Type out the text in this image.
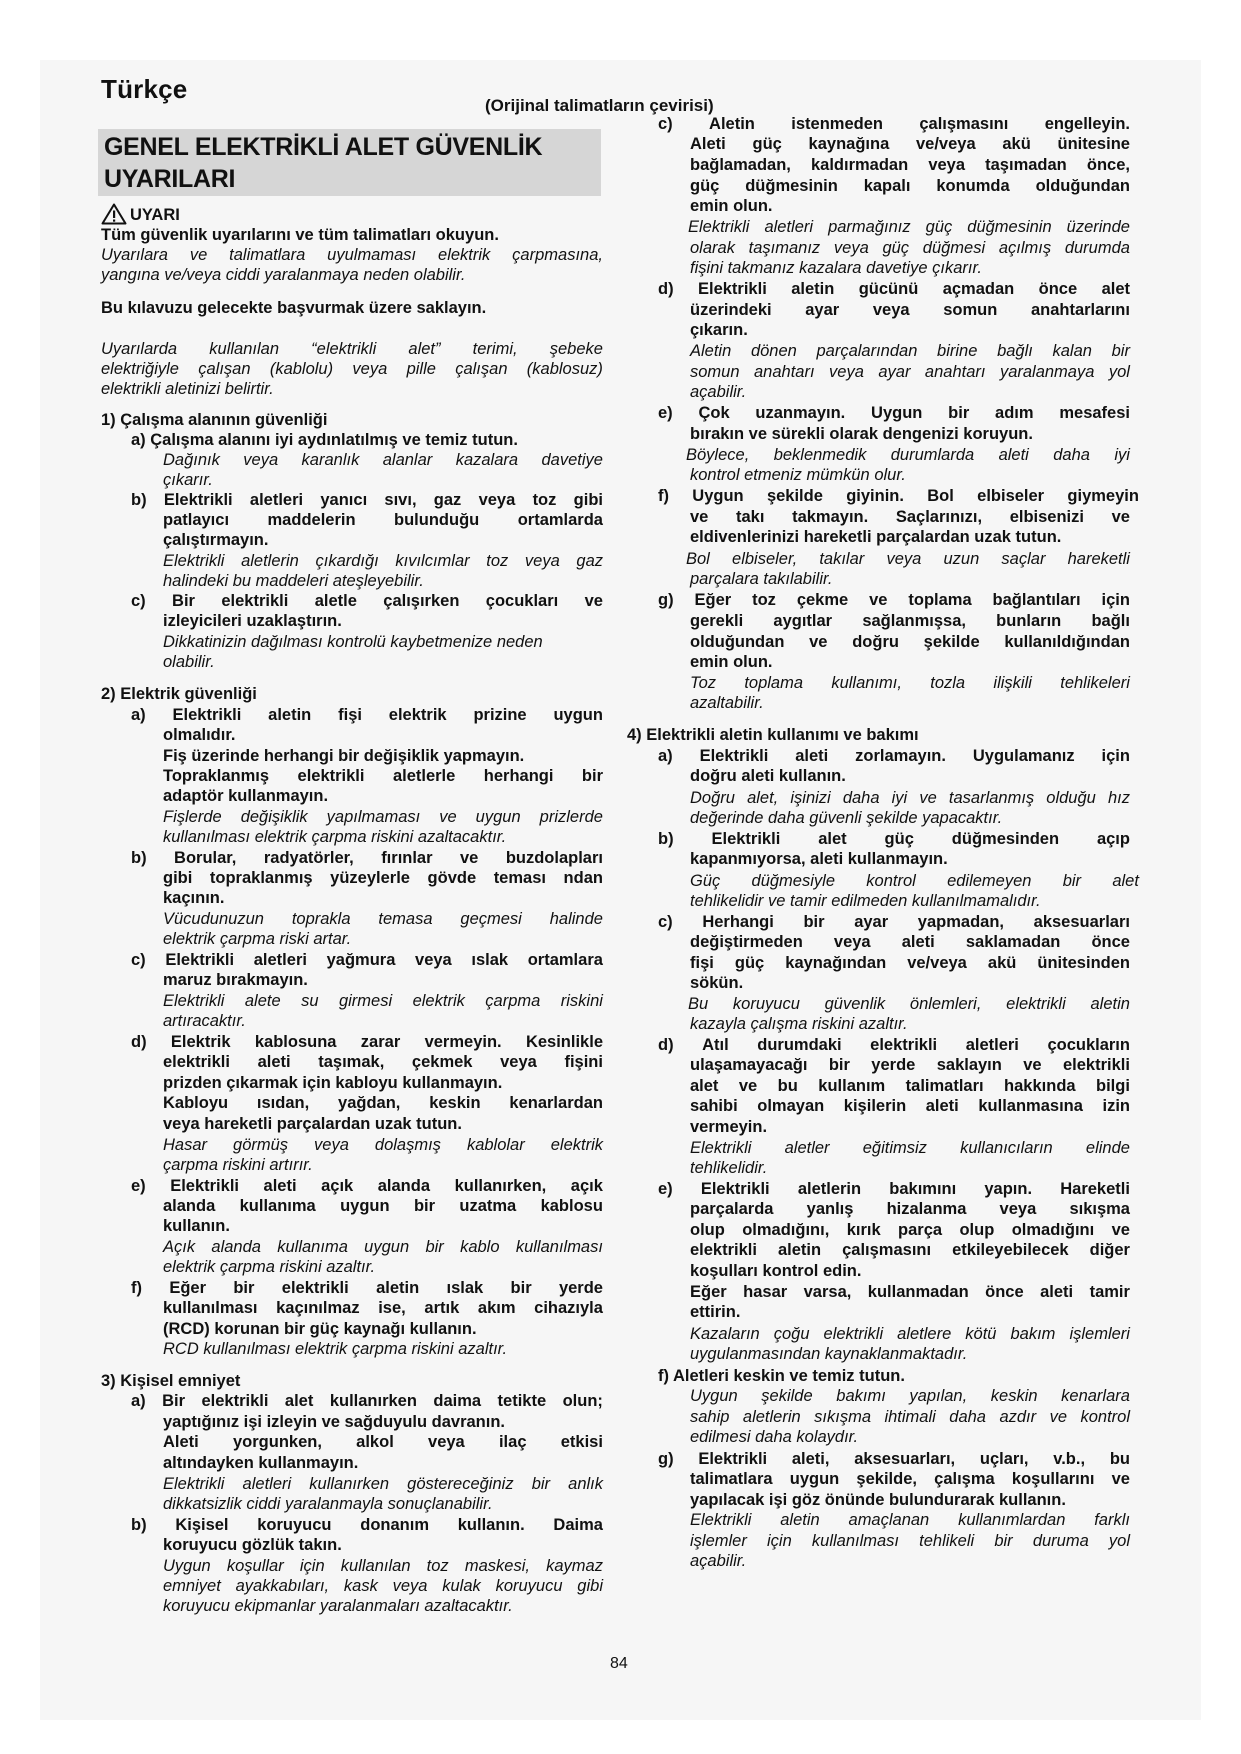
Türkçe
(Orijinal talimatların çevirisi)
GENEL ELEKTRİKLİ ALET GÜVENLİK
UYARILARI
UYARI
Tüm güvenlik uyarılarını ve tüm talimatları okuyun.
Uyarılara ve talimatlara uyulmaması elektrik çarpmasına,
yangına ve/veya ciddi yaralanmaya neden olabilir.
Bu kılavuzu gelecekte başvurmak üzere saklayın.
Uyarılarda kullanılan “elektrikli alet” terimi, şebeke
elektriğiyle çalışan (kablolu) veya pille çalışan (kablosuz)
elektrikli aletinizi belirtir.
1) Çalışma alanının güvenliği
a) Çalışma alanını iyi aydınlatılmış ve temiz tutun.
Dağınık veya karanlık alanlar kazalara davetiye
çıkarır.
b) Elektrikli aletleri yanıcı sıvı, gaz veya toz gibi
patlayıcı maddelerin bulunduğu ortamlarda
çalıştırmayın.
Elektrikli aletlerin çıkardığı kıvılcımlar toz veya gaz
halindeki bu maddeleri ateşleyebilir.
c) Bir elektrikli aletle çalışırken çocukları ve
izleyicileri uzaklaştırın.
Dikkatinizin dağılması kontrolü kaybetmenize neden
olabilir.
2) Elektrik güvenliği
a) Elektrikli aletin fişi elektrik prizine uygun
olmalıdır.
Fiş üzerinde herhangi bir değişiklik yapmayın.
Topraklanmış elektrikli aletlerle herhangi bir
adaptör kullanmayın.
Fişlerde değişiklik yapılmaması ve uygun prizlerde
kullanılması elektrik çarpma riskini azaltacaktır.
b) Borular, radyatörler, fırınlar ve buzdolapları
gibi topraklanmış yüzeylerle gövde teması ndan
kaçının.
Vücudunuzun toprakla temasa geçmesi halinde
elektrik çarpma riski artar.
c) Elektrikli aletleri yağmura veya ıslak ortamlara
maruz bırakmayın.
Elektrikli alete su girmesi elektrik çarpma riskini
artıracaktır.
d) Elektrik kablosuna zarar vermeyin. Kesinlikle
elektrikli aleti taşımak, çekmek veya fişini
prizden çıkarmak için kabloyu kullanmayın.
Kabloyu ısıdan, yağdan, keskin kenarlardan
veya hareketli parçalardan uzak tutun.
Hasar görmüş veya dolaşmış kablolar elektrik
çarpma riskini artırır.
e) Elektrikli aleti açık alanda kullanırken, açık
alanda kullanıma uygun bir uzatma kablosu
kullanın.
Açık alanda kullanıma uygun bir kablo kullanılması
elektrik çarpma riskini azaltır.
f) Eğer bir elektrikli aletin ıslak bir yerde
kullanılması kaçınılmaz ise, artık akım cihazıyla
(RCD) korunan bir güç kaynağı kullanın.
RCD kullanılması elektrik çarpma riskini azaltır.
3) Kişisel emniyet
a) Bir elektrikli alet kullanırken daima tetikte olun;
yaptığınız işi izleyin ve sağduyulu davranın.
Aleti yorgunken, alkol veya ilaç etkisi
altındayken kullanmayın.
Elektrikli aletleri kullanırken göstereceğiniz bir anlık
dikkatsizlik ciddi yaralanmayla sonuçlanabilir.
b) Kişisel koruyucu donanım kullanın. Daima
koruyucu gözlük takın.
Uygun koşullar için kullanılan toz maskesi, kaymaz
emniyet ayakkabıları, kask veya kulak koruyucu gibi
koruyucu ekipmanlar yaralanmaları azaltacaktır.
c) Aletin istenmeden çalışmasını engelleyin.
Aleti güç kaynağına ve/veya akü ünitesine
bağlamadan, kaldırmadan veya taşımadan önce,
güç düğmesinin kapalı konumda olduğundan
emin olun.
Elektrikli aletleri parmağınız güç düğmesinin üzerinde
olarak taşımanız veya güç düğmesi açılmış durumda
fişini takmanız kazalara davetiye çıkarır.
d) Elektrikli aletin gücünü açmadan önce alet
üzerindeki ayar veya somun anahtarlarını
çıkarın.
Aletin dönen parçalarından birine bağlı kalan bir
somun anahtarı veya ayar anahtarı yaralanmaya yol
açabilir.
e) Çok uzanmayın. Uygun bir adım mesafesi
bırakın ve sürekli olarak dengenizi koruyun.
Böylece, beklenmedik durumlarda aleti daha iyi
kontrol etmeniz mümkün olur.
f) Uygun şekilde giyinin. Bol elbiseler giymeyin
ve takı takmayın. Saçlarınızı, elbisenizi ve
eldivenlerinizi hareketli parçalardan uzak tutun.
Bol elbiseler, takılar veya uzun saçlar hareketli
parçalara takılabilir.
g) Eğer toz çekme ve toplama bağlantıları için
gerekli aygıtlar sağlanmışsa, bunların bağlı
olduğundan ve doğru şekilde kullanıldığından
emin olun.
Toz toplama kullanımı, tozla ilişkili tehlikeleri
azaltabilir.
4) Elektrikli aletin kullanımı ve bakımı
a) Elektrikli aleti zorlamayın. Uygulamanız için
doğru aleti kullanın.
Doğru alet, işinizi daha iyi ve tasarlanmış olduğu hız
değerinde daha güvenli şekilde yapacaktır.
b) Elektrikli alet güç düğmesinden açıp
kapanmıyorsa, aleti kullanmayın.
Güç düğmesiyle kontrol edilemeyen bir alet
tehlikelidir ve tamir edilmeden kullanılmamalıdır.
c) Herhangi bir ayar yapmadan, aksesuarları
değiştirmeden veya aleti saklamadan önce
fişi güç kaynağından ve/veya akü ünitesinden
sökün.
Bu koruyucu güvenlik önlemleri, elektrikli aletin
kazayla çalışma riskini azaltır.
d) Atıl durumdaki elektrikli aletleri çocukların
ulaşamayacağı bir yerde saklayın ve elektrikli
alet ve bu kullanım talimatları hakkında bilgi
sahibi olmayan kişilerin aleti kullanmasına izin
vermeyin.
Elektrikli aletler eğitimsiz kullanıcıların elinde
tehlikelidir.
e) Elektrikli aletlerin bakımını yapın. Hareketli
parçalarda yanlış hizalanma veya sıkışma
olup olmadığını, kırık parça olup olmadığını ve
elektrikli aletin çalışmasını etkileyebilecek diğer
koşulları kontrol edin.
Eğer hasar varsa, kullanmadan önce aleti tamir
ettirin.
Kazaların çoğu elektrikli aletlere kötü bakım işlemleri
uygulanmasından kaynaklanmaktadır.
f) Aletleri keskin ve temiz tutun.
Uygun şekilde bakımı yapılan, keskin kenarlara
sahip aletlerin sıkışma ihtimali daha azdır ve kontrol
edilmesi daha kolaydır.
g) Elektrikli aleti, aksesuarları, uçları, v.b., bu
talimatlara uygun şekilde, çalışma koşullarını ve
yapılacak işi göz önünde bulundurarak kullanın.
Elektrikli aletin amaçlanan kullanımlardan farklı
işlemler için kullanılması tehlikeli bir duruma yol
açabilir.
84
